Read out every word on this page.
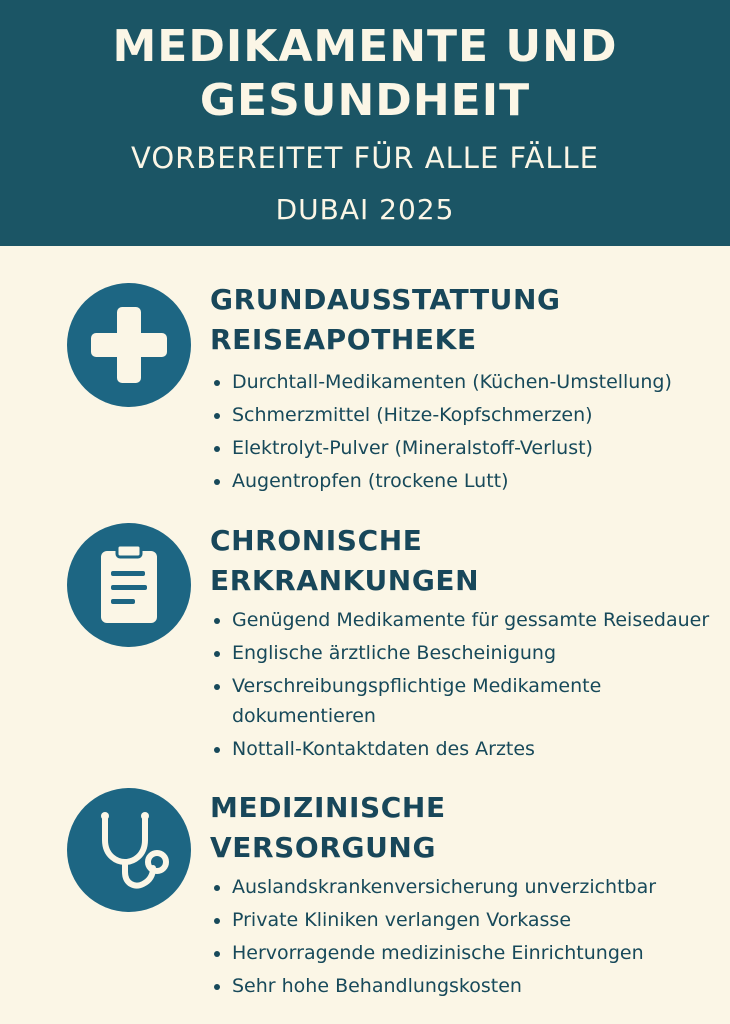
MEDIKAMENTE UND
GESUNDHEIT
VORBEREITET FÜR ALLE FÄLLE
DUBAI 2025
GRUNDAUSSTATTUNG
REISEAPOTHEKE
Durchtall-Medikamenten (Küchen-Umstellung)
Schmerzmittel (Hitze-Kopfschmerzen)
Elektrolyt-Pulver (Mineralstoff-Verlust)
Augentropfen (trockene Lutt)
CHRONISCHE
ERKRANKUNGEN
Genügend Medikamente für gessamte Reisedauer
Englische ärztliche Bescheinigung
Verschreibungspflichtige Medikamente dokumentieren
Nottall-Kontaktdaten des Arztes
MEDIZINISCHE
VERSORGUNG
Auslandskrankenversicherung unverzichtbar
Private Kliniken verlangen Vorkasse
Hervorragende medizinische Einrichtungen
Sehr hohe Behandlungskosten
